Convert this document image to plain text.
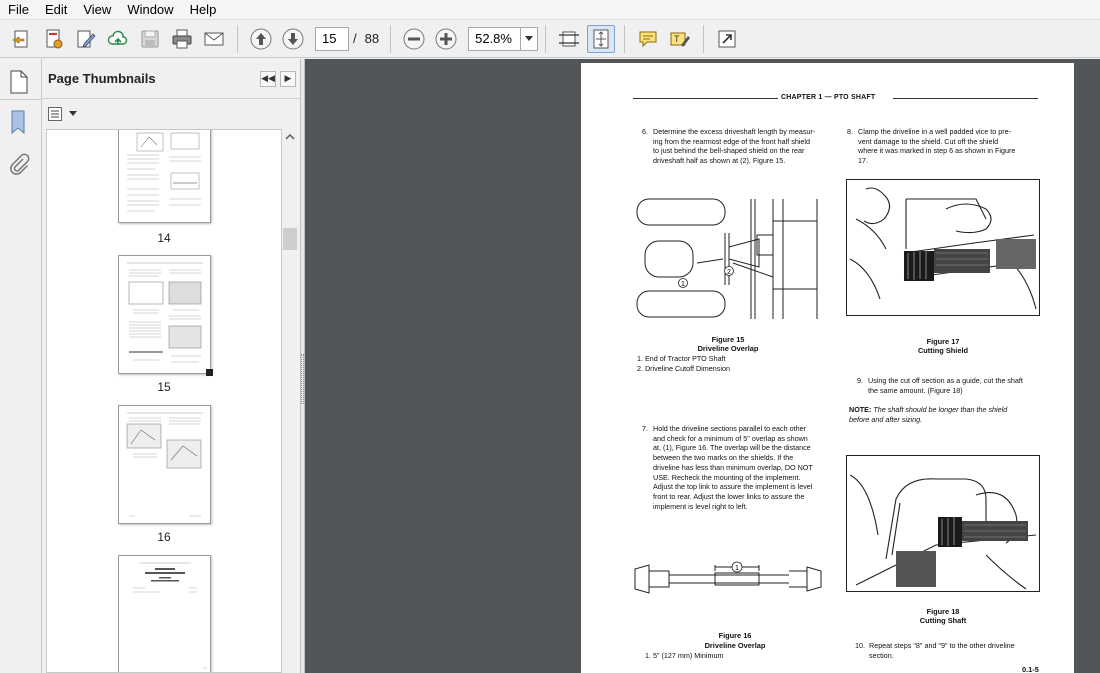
File	Edit	View	Window	Help
15	/ 88	52.8%	T
Page Thumbnails	◀◀ ▶
14
15
16
CHAPTER 1 — PTO SHAFT
6. Determine the excess driveshaft length by measur-
ing from the rearmost edge of the front half shield
to just behind the bell-shaped shield on the rear
driveshaft half as shown at (2), Figure 15.
1
2
Figure 15
Driveline Overlap
1. End of Tractor PTO Shaft
2. Driveline Cutoff Dimension
7. Hold the driveline sections parallel to each other
and check for a minimum of 5" overlap as shown
at, (1), Figure 16. The overlap will be the distance
between the two marks on the shields. If the
driveline has less than minimum overlap, DO NOT
USE. Recheck the mounting of the implement.
Adjust the top link to assure the implement is level
front to rear. Adjust the lower links to assure the
implement is level right to left.
1
Figure 16
Driveline Overlap
1. 5" (127 mm) Minimum
8. Clamp the driveline in a well padded vice to pre-
vent damage to the shield. Cut off the shield
where it was marked in step 6 as shown in Figure
17.
Figure 17
Cutting Shield
9. Using the cut off section as a guide, cut the shaft
the same amount. (Figure 18)
NOTE: The shaft should be longer than the shield
before and after sizing.
Figure 18
Cutting Shaft
10. Repeat steps "8" and "9" to the other driveline
section.
0.1-5
